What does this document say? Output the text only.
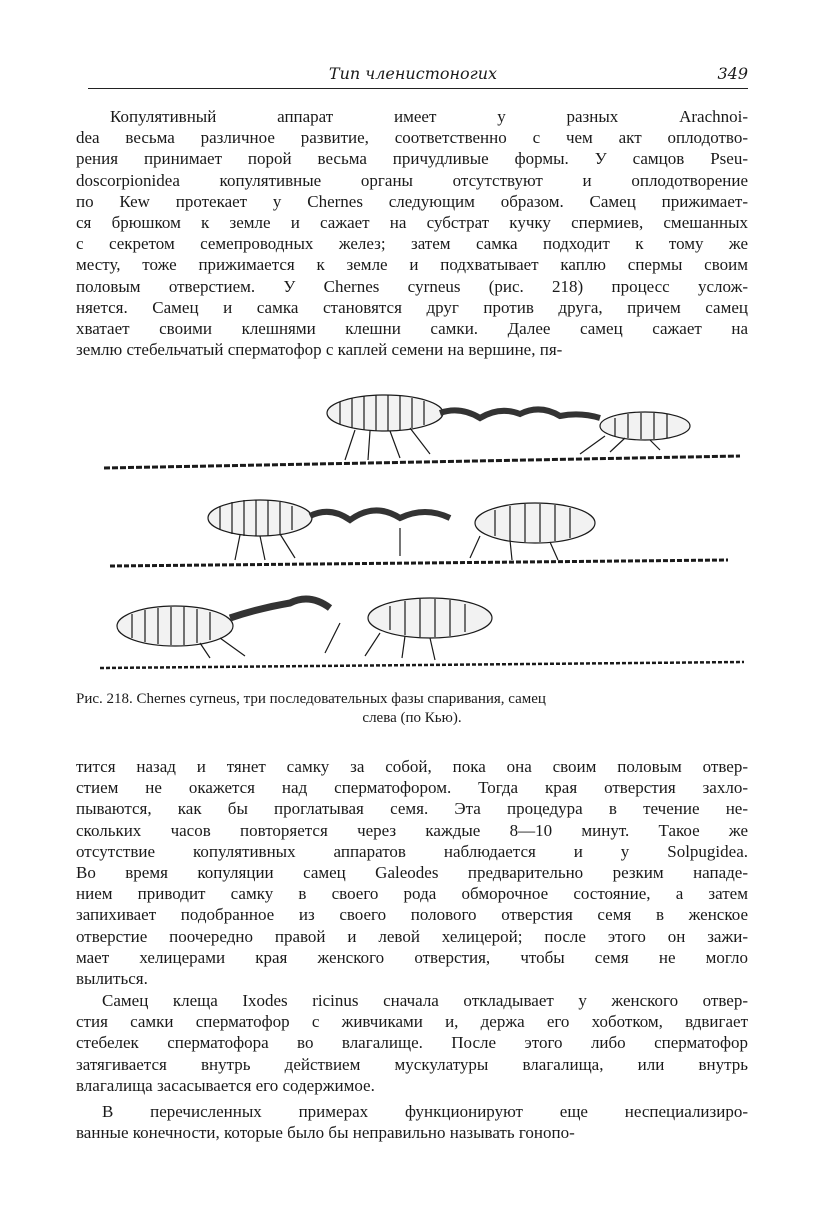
Тип членистоногих	349
Копулятивный аппарат имеет у разных Arachnoi-
dea весьма различное развитие, соответственно с чем акт оплодотво-
рения принимает порой весьма причудливые формы. У самцов Pseu-
doscorpionidea копулятивные органы отсутствуют и оплодотворение
по Кеw протекает у Chernes следующим образом. Самец прижимает-
ся брюшком к земле и сажает на субстрат кучку спермиев, смешанных
с секретом семепроводных желез; затем самка подходит к тому же
месту, тоже прижимается к земле и подхватывает каплю спермы своим
половым отверстием. У Chernes cyrneus (рис. 218) процесс услож-
няется. Самец и самка становятся друг против друга, причем самец
хватает своими клешнями клешни самки. Далее самец сажает на
землю стебельчатый сперматофор с каплей семени на вершине, пя-
Рис. 218. Chernes cyrneus, три последовательных фазы спаривания, самец
слева (по Кью).
тится назад и тянет самку за собой, пока она своим половым отвер-
стием не окажется над сперматофором. Тогда края отверстия захло-
пываются, как бы проглатывая семя. Эта процедура в течение не-
скольких часов повторяется через каждые 8—10 минут. Такое же
отсутствие копулятивных аппаратов наблюдается и у Solpugidea.
Во время копуляции самец Galeodes предварительно резким нападе-
нием приводит самку в своего рода обморочное состояние, а затем
запихивает подобранное из своего полового отверстия семя в женское
отверстие поочередно правой и левой хелицерой; после этого он зажи-
мает хелицерами края женского отверстия, чтобы семя не могло
вылиться.
Самец клеща Ixodes ricinus сначала откладывает у женского отвер-
стия самки сперматофор с живчиками и, держа его хоботком, вдвигает
стебелек сперматофора во влагалище. После этого либо сперматофор
затягивается внутрь действием мускулатуры влагалища, или внутрь
влагалища засасывается его содержимое.
В перечисленных примерах функционируют еще неспециализиро-
ванные конечности, которые было бы неправильно называть гонопо-
